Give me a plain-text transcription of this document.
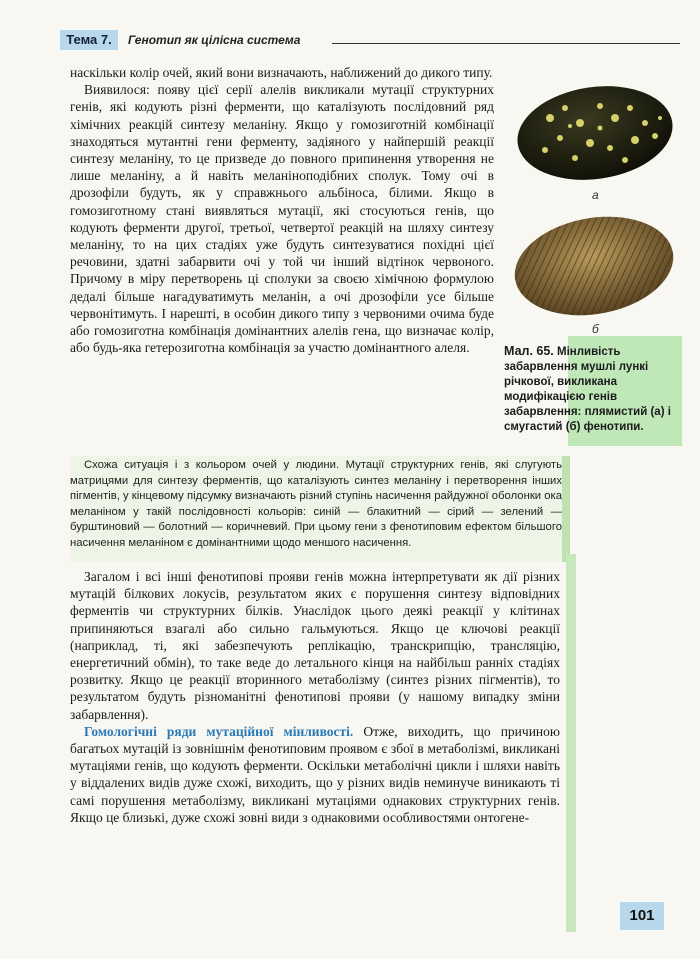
Тема 7.	Генотип як цілісна система

наскільки колір очей, який вони визначають, наближений до дикого типу.

Виявилося: появу цієї серії алелів викликали мутації структурних генів, які кодують різні ферменти, що каталізують послідовний ряд хімічних реакцій синтезу меланіну. Якщо у гомозиготній комбінації знаходяться мутантні гени ферменту, задіяного у найпершій реакції синтезу меланіну, то це призведе до повного припинення утворення не лише меланіну, а й навіть меланіноподібних сполук. Тому очі в дрозофіли будуть, як у справжнього альбіноса, білими. Якщо в гомозиготному стані виявляться мутації, які стосуються генів, що кодують ферменти другої, третьої, четвертої реакцій на шляху синтезу меланіну, то на цих стадіях уже будуть синтезуватися похідні цієї речовини, здатні забарвити очі у той чи інший відтінок червоного. Причому в міру перетворень ці сполуки за своєю хімічною формулою дедалі більше нагадуватимуть меланін, а очі дрозофіли усе більше червонітимуть. І нарешті, в особин дикого типу з червоними очима буде або гомозиготна комбінація домінантних алелів гена, що визначає колір, або будь-яка гетерозиготна комбінація за участю домінантного алеля.

а
б
Мал. 65. Мінливість забарвлення мушлі лункі річкової, викликана модифікацією генів забарвлення: плямистий (а) і смугастий (б) фенотипи.

Схожа ситуація і з кольором очей у людини. Мутації структурних генів, які слугують матрицями для синтезу ферментів, що каталізують синтез меланіну і перетворення інших пігментів, у кінцевому підсумку визначають різний ступінь насичення райдужної оболонки ока меланіном у такій послідовності кольорів: синій — блакитний — сірий — зелений — бурштиновий — болотний — коричневий. При цьому гени з фенотиповим ефектом більшого насичення меланіном є домінантними щодо меншого насичення.

Загалом і всі інші фенотипові прояви генів можна інтерпретувати як дії різних мутацій білкових локусів, результатом яких є порушення синтезу відповідних ферментів чи структурних білків. Унаслідок цього деякі реакції у клітинах припиняються взагалі або сильно гальмуються. Якщо це ключові реакції (наприклад, ті, які забезпечують реплікацію, транскрипцію, трансляцію, енергетичний обмін), то таке веде до летального кінця на найбільш ранніх стадіях розвитку. Якщо це реакції вторинного метаболізму (синтез різних пігментів), то результатом будуть різноманітні фенотипові прояви (у нашому випадку зміни забарвлення).

Гомологічні ряди мутаційної мінливості. Отже, виходить, що причиною багатьох мутацій із зовнішнім фенотиповим проявом є збої в метаболізмі, викликані мутаціями генів, що кодують ферменти. Оскільки метаболічні цикли і шляхи навіть у віддалених видів дуже схожі, виходить, що у різних видів неминуче виникають ті самі порушення метаболізму, викликані мутаціями однакових структурних генів. Якщо це близькі, дуже схожі зовні види з однаковими особливостями онтогене-

101
